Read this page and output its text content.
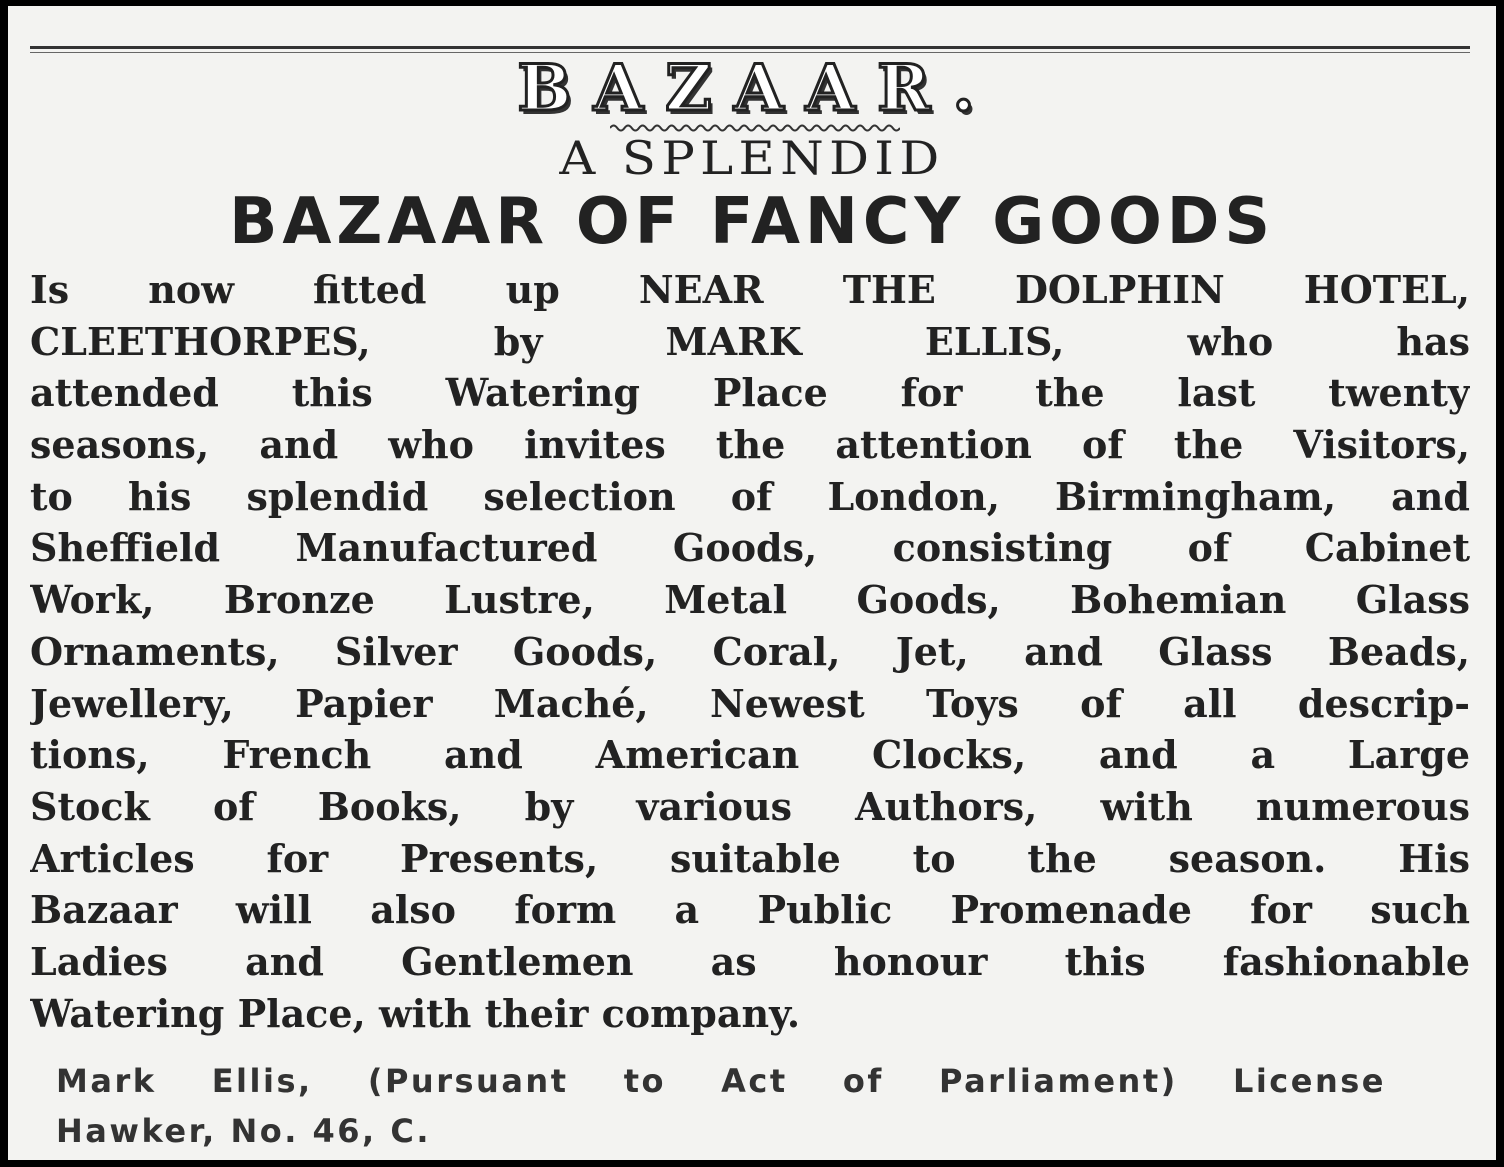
BAZAAR.
A SPLENDID
BAZAAR OF FANCY GOODS
Is now fitted up NEAR THE DOLPHIN HOTEL,
CLEETHORPES, by MARK ELLIS, who has
attended this Watering Place for the last twenty
seasons, and who invites the attention of the Visitors,
to his splendid selection of London, Birmingham, and
Sheffield Manufactured Goods, consisting of Cabinet
Work, Bronze Lustre, Metal Goods, Bohemian Glass
Ornaments, Silver Goods, Coral, Jet, and Glass Beads,
Jewellery, Papier Maché, Newest Toys of all descrip-
tions, French and American Clocks, and a Large
Stock of Books, by various Authors, with numerous
Articles for Presents, suitable to the season. His
Bazaar will also form a Public Promenade for such
Ladies and Gentlemen as honour this fashionable
Watering Place, with their company.
Mark Ellis, (Pursuant to Act of Parliament) License
Hawker, No. 46, C.
